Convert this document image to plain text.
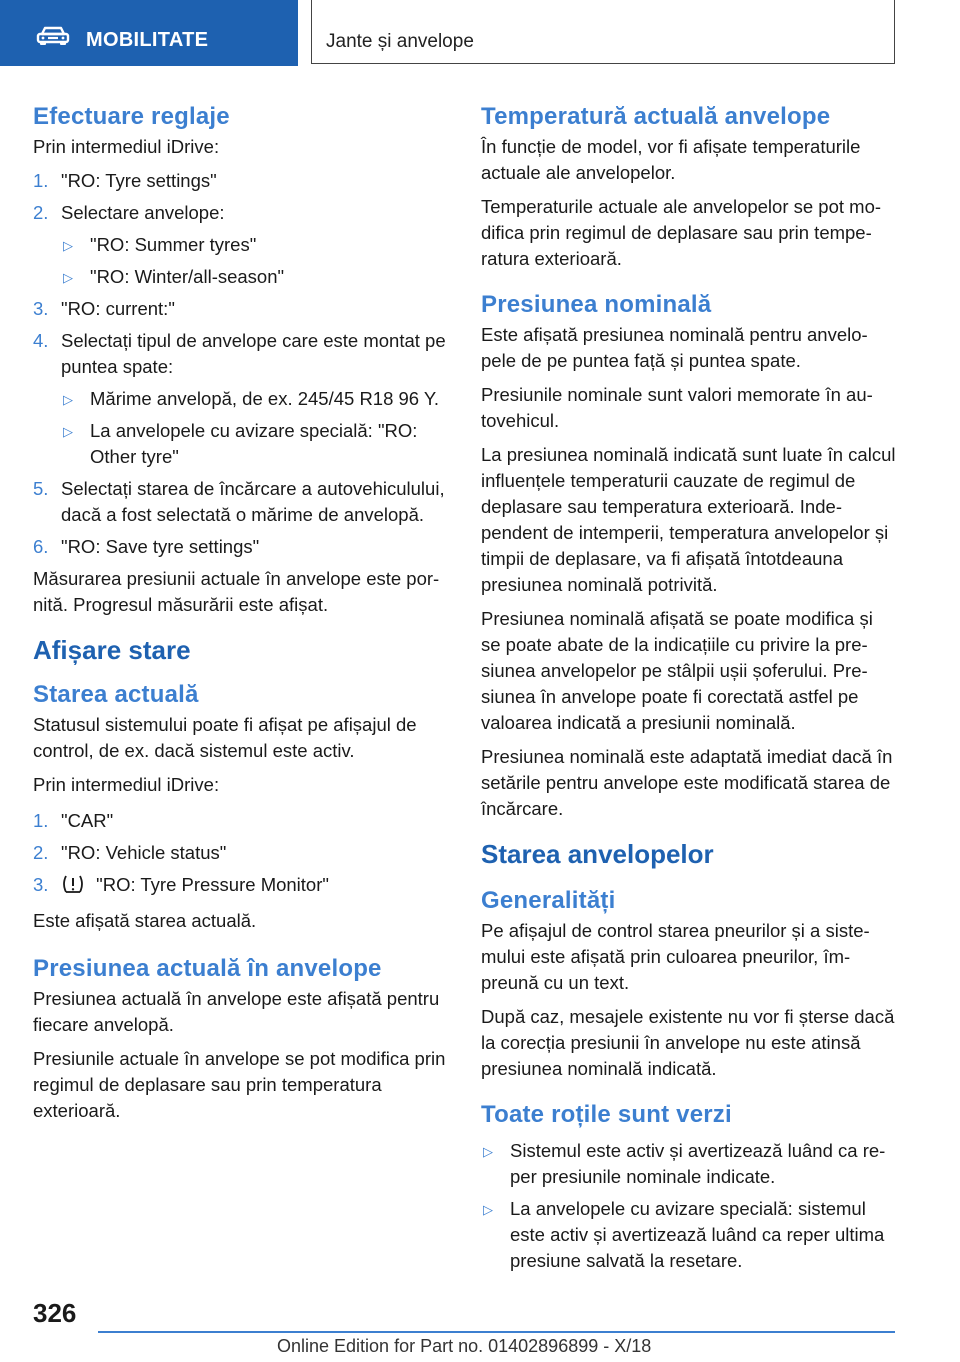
MOBILITATE	Jante și anvelope
Efectuare reglaje

Prin intermediul iDrive:

1. "RO: Tyre settings"
2. Selectare anvelope:
▷ "RO: Summer tyres"
▷ "RO: Winter/all-season"
3. "RO: current:"
4. Selectați tipul de anvelope care este montat pe puntea spate:
▷ Mărime anvelopă, de ex. 245/45 R18 96 Y.
▷ La anvelopele cu avizare specială: "RO: Other tyre"
5. Selectați starea de încărcare a autovehiculului, dacă a fost selectată o mărime de anvelopă.
6. "RO: Save tyre settings"

Măsurarea presiunii actuale în anvelope este pornită. Progresul măsurării este afișat.

Afișare stare
Starea actuală

Statusul sistemului poate fi afișat pe afișajul de control, de ex. dacă sistemul este activ.

Prin intermediul iDrive:

1. "CAR"
2. "RO: Vehicle status"
3.	"RO: Tyre Pressure Monitor"

Este afișată starea actuală.

Presiunea actuală în anvelope

Presiunea actuală în anvelope este afișată pentru fiecare anvelopă.

Presiunile actuale în anvelope se pot modifica prin regimul de deplasare sau prin temperatura exterioară.

Temperatură actuală anvelope

În funcție de model, vor fi afișate temperaturile actuale ale anvelopelor.

Temperaturile actuale ale anvelopelor se pot modifica prin regimul de deplasare sau prin temperatura exterioară.

Presiunea nominală

Este afișată presiunea nominală pentru anvelopele de pe puntea față și puntea spate.

Presiunile nominale sunt valori memorate în autovehicul.

La presiunea nominală indicată sunt luate în calcul influențele temperaturii cauzate de regimul de deplasare sau temperatura exterioară. Independent de intemperii, temperatura anvelopelor și timpii de deplasare, va fi afișată întotdeauna presiunea nominală potrivită.

Presiunea nominală afișată se poate modifica și se poate abate de la indicațiile cu privire la presiunea anvelopelor pe stâlpii ușii șoferului. Presiunea în anvelope poate fi corectată astfel pe valoarea indicată a presiunii nominală.

Presiunea nominală este adaptată imediat dacă în setările pentru anvelope este modificată starea de încărcare.

Starea anvelopelor
Generalități

Pe afișajul de control starea pneurilor și a sistemului este afișată prin culoarea pneurilor, împreună cu un text.

După caz, mesajele existente nu vor fi șterse dacă la corecția presiunii în anvelope nu este atinsă presiunea nominală indicată.

Toate roțile sunt verzi
▷ Sistemul este activ și avertizează luând ca reper presiunile nominale indicate.
▷ La anvelopele cu avizare specială: sistemul este activ și avertizează luând ca reper ultima presiune salvată la resetare.
326
Online Edition for Part no. 01402896899 - X/18
